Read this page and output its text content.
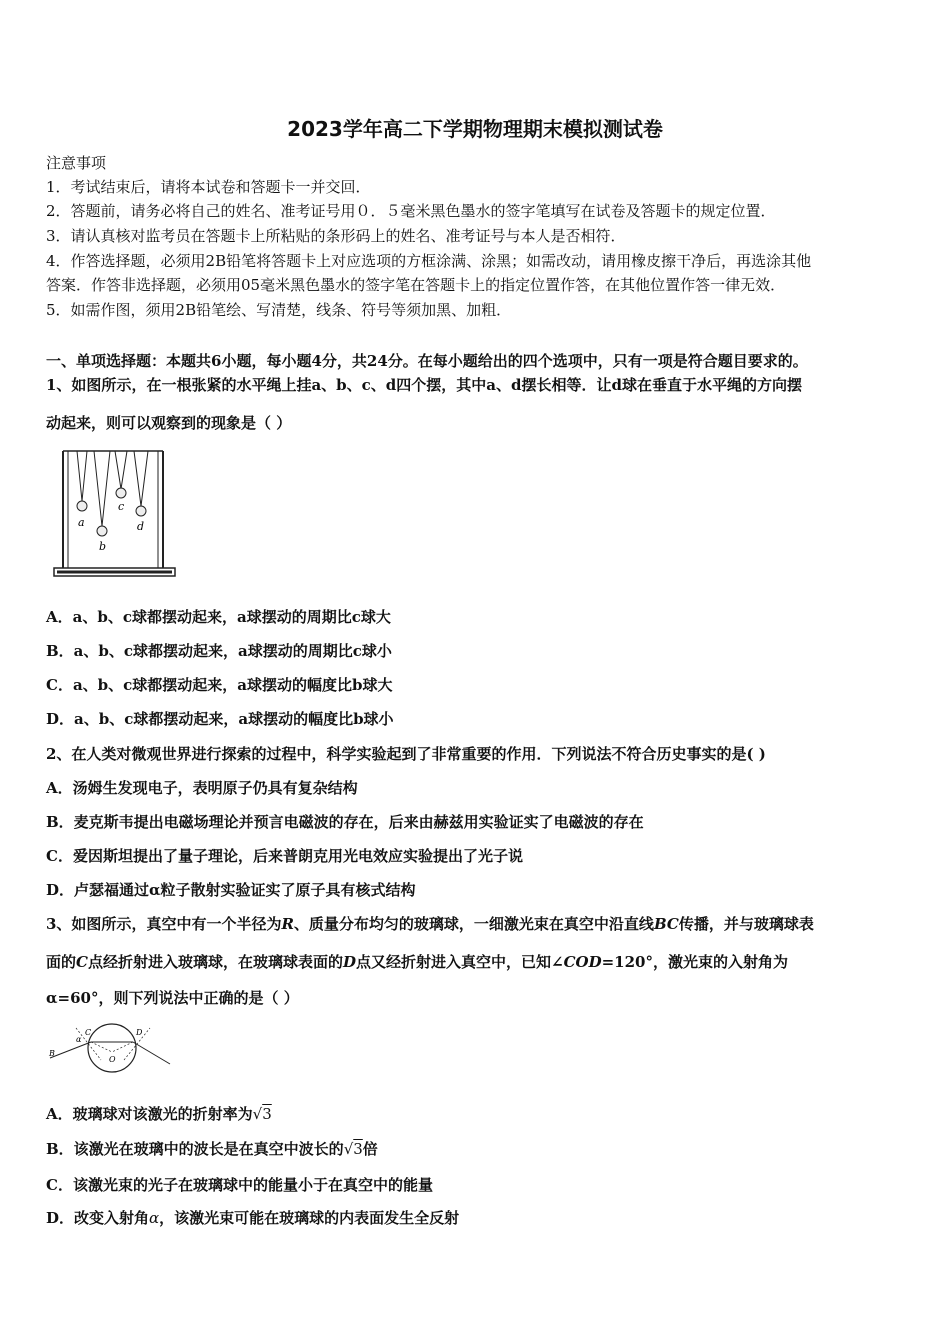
2023学年高二下学期物理期末模拟测试卷
注意事项
1．考试结束后，请将本试卷和答题卡一并交回．
2．答题前，请务必将自己的姓名、准考证号用０．５毫米黑色墨水的签字笔填写在试卷及答题卡的规定位置．
3．请认真核对监考员在答题卡上所粘贴的条形码上的姓名、准考证号与本人是否相符．
4．作答选择题，必须用2B铅笔将答题卡上对应选项的方框涂满、涂黑；如需改动，请用橡皮擦干净后，再选涂其他
答案．作答非选择题，必须用05毫米黑色墨水的签字笔在答题卡上的指定位置作答，在其他位置作答一律无效．
5．如需作图，须用2B铅笔绘、写清楚，线条、符号等须加黑、加粗．
一、单项选择题：本题共6小题，每小题4分，共24分。在每小题给出的四个选项中，只有一项是符合题目要求的。
1、如图所示，在一根张紧的水平绳上挂a、b、c、d四个摆，其中a、d摆长相等．让d球在垂直于水平绳的方向摆
动起来，则可以观察到的现象是（ ）
a
b
c
d
A．a、b、c球都摆动起来，a球摆动的周期比c球大
B．a、b、c球都摆动起来，a球摆动的周期比c球小
C．a、b、c球都摆动起来，a球摆动的幅度比b球大
D．a、b、c球都摆动起来，a球摆动的幅度比b球小
2、在人类对微观世界进行探索的过程中，科学实验起到了非常重要的作用．下列说法不符合历史事实的是( )
A．汤姆生发现电子，表明原子仍具有复杂结构
B．麦克斯韦提出电磁场理论并预言电磁波的存在，后来由赫兹用实验证实了电磁波的存在
C．爱因斯坦提出了量子理论，后来普朗克用光电效应实验提出了光子说
D．卢瑟福通过α粒子散射实验证实了原子具有核式结构
3、如图所示，真空中有一个半径为R、质量分布均匀的玻璃球，一细激光束在真空中沿直线BC传播，并与玻璃球表
面的C点经折射进入玻璃球，在玻璃球表面的D点又经折射进入真空中，已知∠COD=120°，激光束的入射角为
α=60°，则下列说法中正确的是（ ）
B
α
C	D
O
A．玻璃球对该激光的折射率为√3
B．该激光在玻璃中的波长是在真空中波长的√3倍
C．该激光束的光子在玻璃球中的能量小于在真空中的能量
D．改变入射角α，该激光束可能在玻璃球的内表面发生全反射
